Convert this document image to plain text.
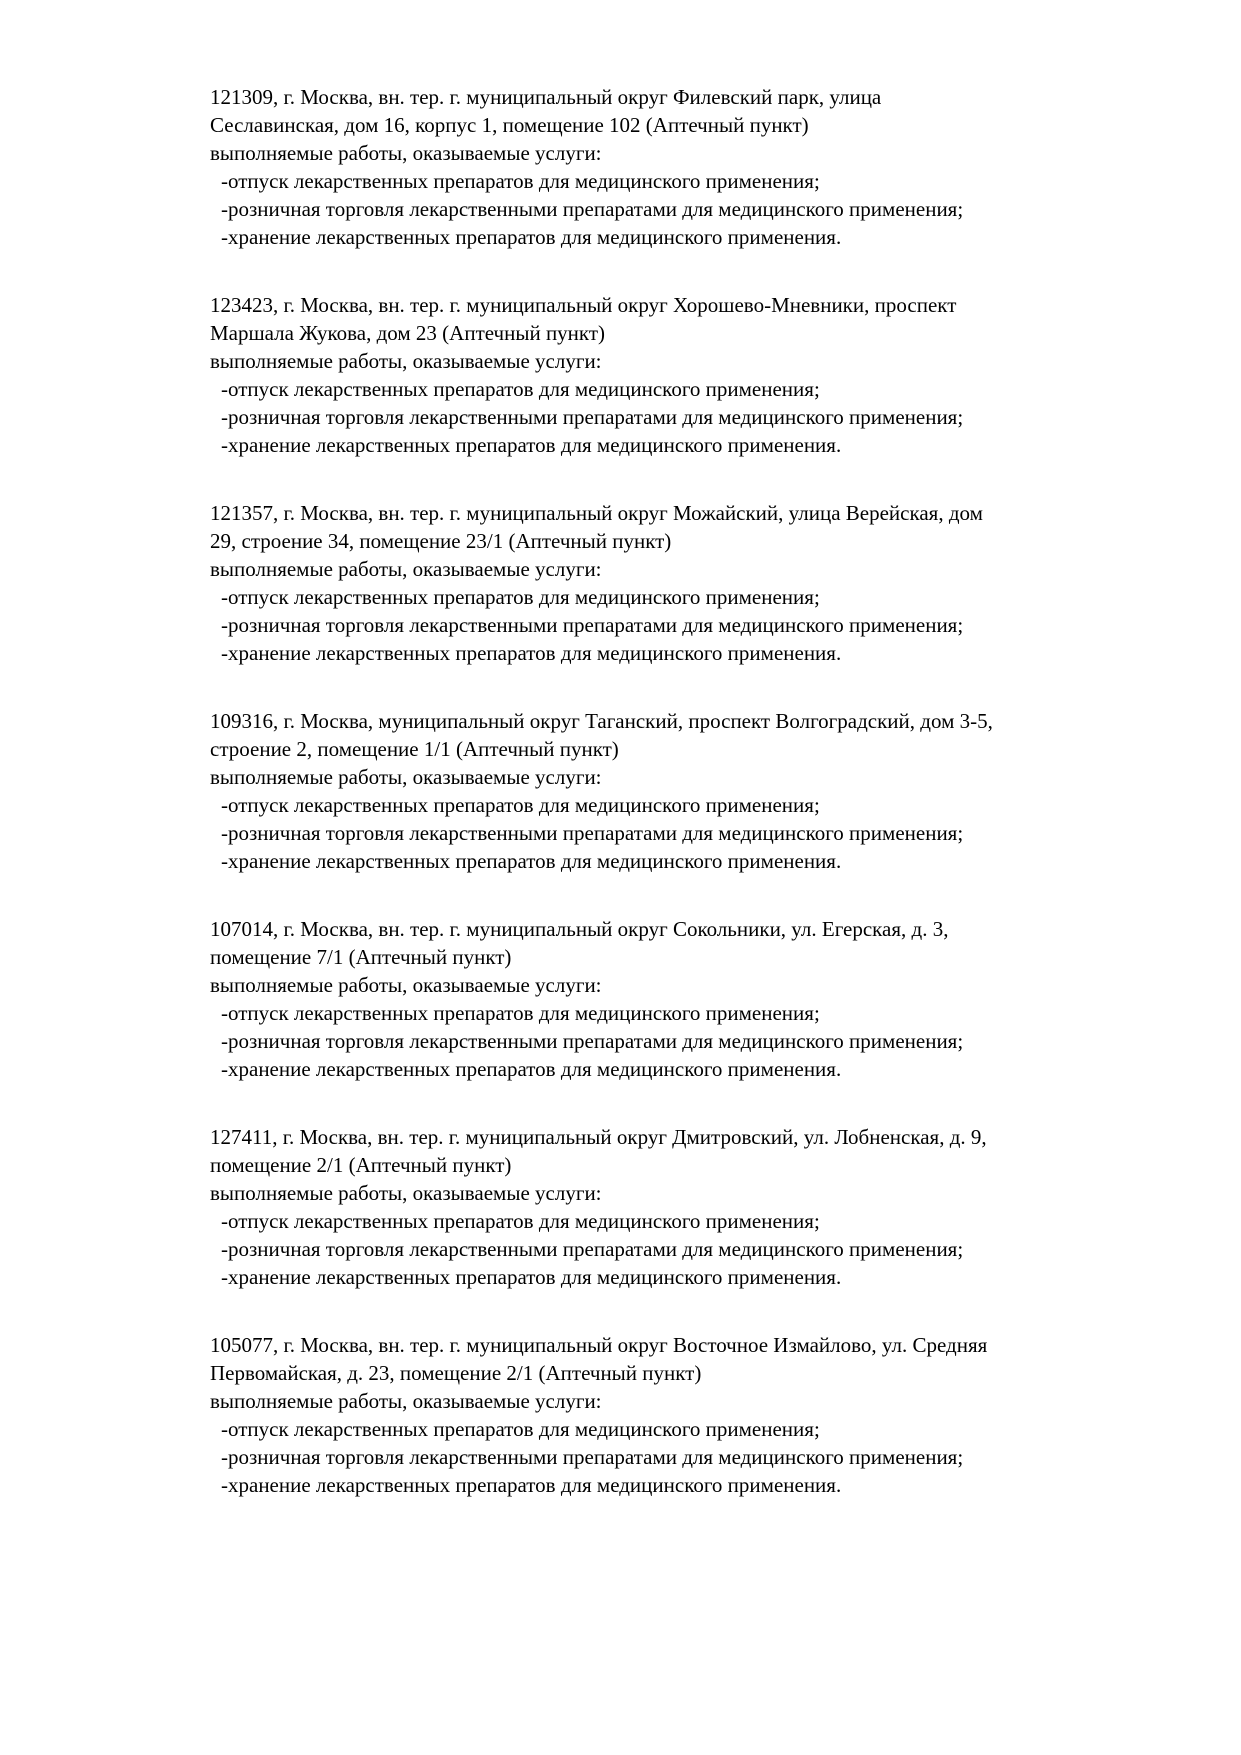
121309, г. Москва, вн. тер. г. муниципальный округ Филевский парк, улица
Сеславинская, дом 16, корпус 1, помещение 102 (Аптечный пункт)
выполняемые работы, оказываемые услуги:
-отпуск лекарственных препаратов для медицинского применения;
-розничная торговля лекарственными препаратами для медицинского применения;
-хранение лекарственных препаратов для медицинского применения.
123423, г. Москва, вн. тер. г. муниципальный округ Хорошево-Мневники, проспект
Маршала Жукова, дом 23 (Аптечный пункт)
выполняемые работы, оказываемые услуги:
-отпуск лекарственных препаратов для медицинского применения;
-розничная торговля лекарственными препаратами для медицинского применения;
-хранение лекарственных препаратов для медицинского применения.
121357, г. Москва, вн. тер. г. муниципальный округ Можайский, улица Верейская, дом
29, строение 34, помещение 23/1 (Аптечный пункт)
выполняемые работы, оказываемые услуги:
-отпуск лекарственных препаратов для медицинского применения;
-розничная торговля лекарственными препаратами для медицинского применения;
-хранение лекарственных препаратов для медицинского применения.
109316, г. Москва, муниципальный округ Таганский, проспект Волгоградский, дом 3-5,
строение 2, помещение 1/1 (Аптечный пункт)
выполняемые работы, оказываемые услуги:
-отпуск лекарственных препаратов для медицинского применения;
-розничная торговля лекарственными препаратами для медицинского применения;
-хранение лекарственных препаратов для медицинского применения.
107014, г. Москва, вн. тер. г. муниципальный округ Сокольники, ул. Егерская, д. 3,
помещение 7/1 (Аптечный пункт)
выполняемые работы, оказываемые услуги:
-отпуск лекарственных препаратов для медицинского применения;
-розничная торговля лекарственными препаратами для медицинского применения;
-хранение лекарственных препаратов для медицинского применения.
127411, г. Москва, вн. тер. г. муниципальный округ Дмитровский, ул. Лобненская, д. 9,
помещение 2/1 (Аптечный пункт)
выполняемые работы, оказываемые услуги:
-отпуск лекарственных препаратов для медицинского применения;
-розничная торговля лекарственными препаратами для медицинского применения;
-хранение лекарственных препаратов для медицинского применения.
105077, г. Москва, вн. тер. г. муниципальный округ Восточное Измайлово, ул. Средняя
Первомайская, д. 23, помещение 2/1 (Аптечный пункт)
выполняемые работы, оказываемые услуги:
-отпуск лекарственных препаратов для медицинского применения;
-розничная торговля лекарственными препаратами для медицинского применения;
-хранение лекарственных препаратов для медицинского применения.
